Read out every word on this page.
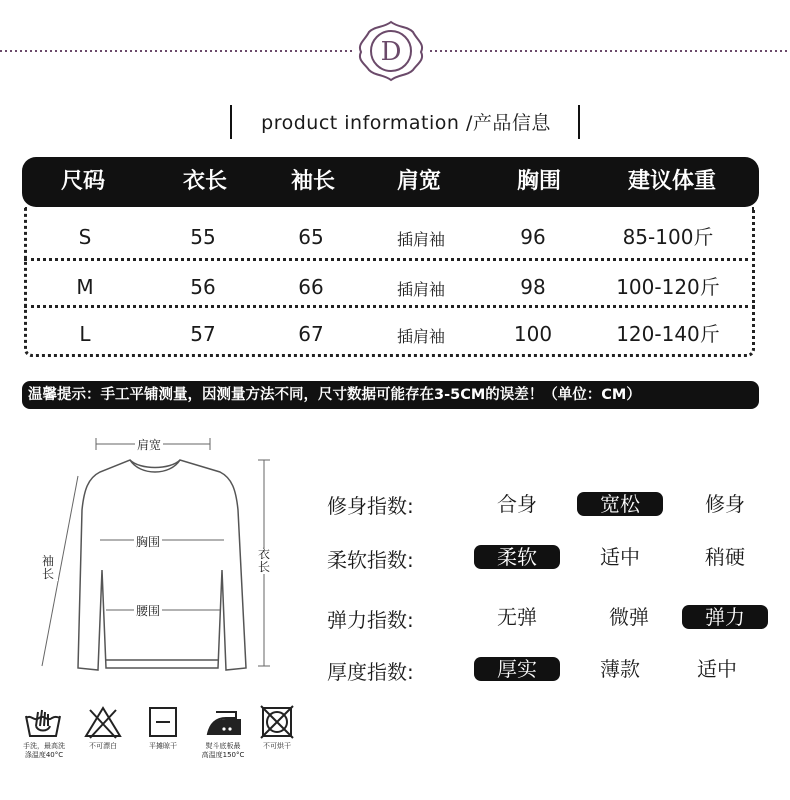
D
product information /产品信息
尺码	衣长	袖长	肩宽	胸围	建议体重
S	55	65	插肩袖	96	85-100斤
M	56	66	插肩袖	98	100-120斤
L	57	67	插肩袖	100	120-140斤
温馨提示：手工平铺测量，因测量方法不同，尺寸数据可能存在3-5CM的误差！（单位：CM）
肩宽
胸围
腰围
衣长
袖长
修身指数:	合身	宽松	修身
柔软指数:	柔软	适中	稍硬
弹力指数:	无弹	微弹	弹力
厚度指数:	厚实	薄款	适中
手洗，最高洗
涤温度40°C
不可漂白	平摊晾干	熨斗底板最
高温度150°C
不可烘干
